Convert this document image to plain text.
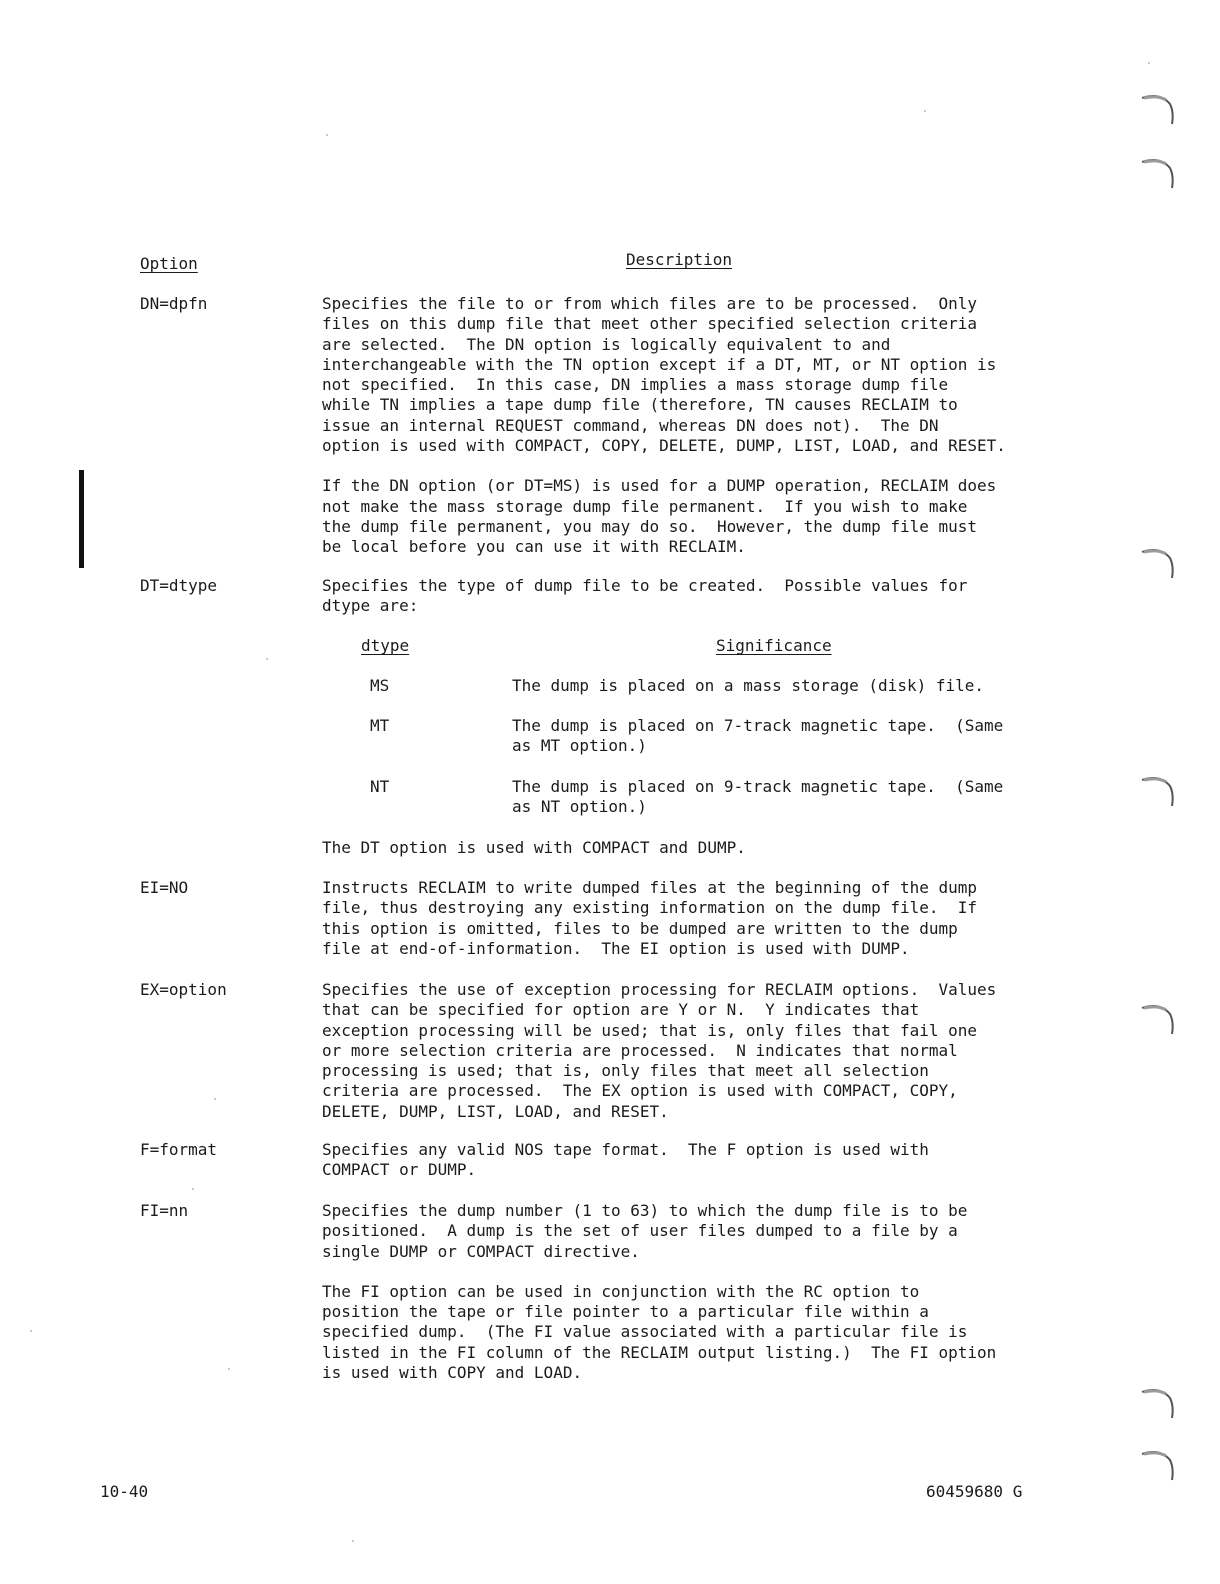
Option	Description
DN=dpfn	Specifies the file to or from which files are to be processed.  Only
files on this dump file that meet other specified selection criteria
are selected.  The DN option is logically equivalent to and
interchangeable with the TN option except if a DT, MT, or NT option is
not specified.  In this case, DN implies a mass storage dump file
while TN implies a tape dump file (therefore, TN causes RECLAIM to
issue an internal REQUEST command, whereas DN does not).  The DN
option is used with COMPACT, COPY, DELETE, DUMP, LIST, LOAD, and RESET.

If the DN option (or DT=MS) is used for a DUMP operation, RECLAIM does
not make the mass storage dump file permanent.  If you wish to make
the dump file permanent, you may do so.  However, the dump file must
be local before you can use it with RECLAIM.

DT=dtype	Specifies the type of dump file to be created.  Possible values for
dtype are:

dtype	Significance
MS	The dump is placed on a mass storage (disk) file.
MT	The dump is placed on 7-track magnetic tape.  (Same
as MT option.)
NT	The dump is placed on 9-track magnetic tape.  (Same
as NT option.)

The DT option is used with COMPACT and DUMP.

EI=NO	Instructs RECLAIM to write dumped files at the beginning of the dump
file, thus destroying any existing information on the dump file.  If
this option is omitted, files to be dumped are written to the dump
file at end-of-information.  The EI option is used with DUMP.

EX=option	Specifies the use of exception processing for RECLAIM options.  Values
that can be specified for option are Y or N.  Y indicates that
exception processing will be used; that is, only files that fail one
or more selection criteria are processed.  N indicates that normal
processing is used; that is, only files that meet all selection
criteria are processed.  The EX option is used with COMPACT, COPY,
DELETE, DUMP, LIST, LOAD, and RESET.

F=format	Specifies any valid NOS tape format.  The F option is used with
COMPACT or DUMP.

FI=nn	Specifies the dump number (1 to 63) to which the dump file is to be
positioned.  A dump is the set of user files dumped to a file by a
single DUMP or COMPACT directive.

The FI option can be used in conjunction with the RC option to
position the tape or file pointer to a particular file within a
specified dump.  (The FI value associated with a particular file is
listed in the FI column of the RECLAIM output listing.)  The FI option
is used with COPY and LOAD.

10-40	60459680 G
